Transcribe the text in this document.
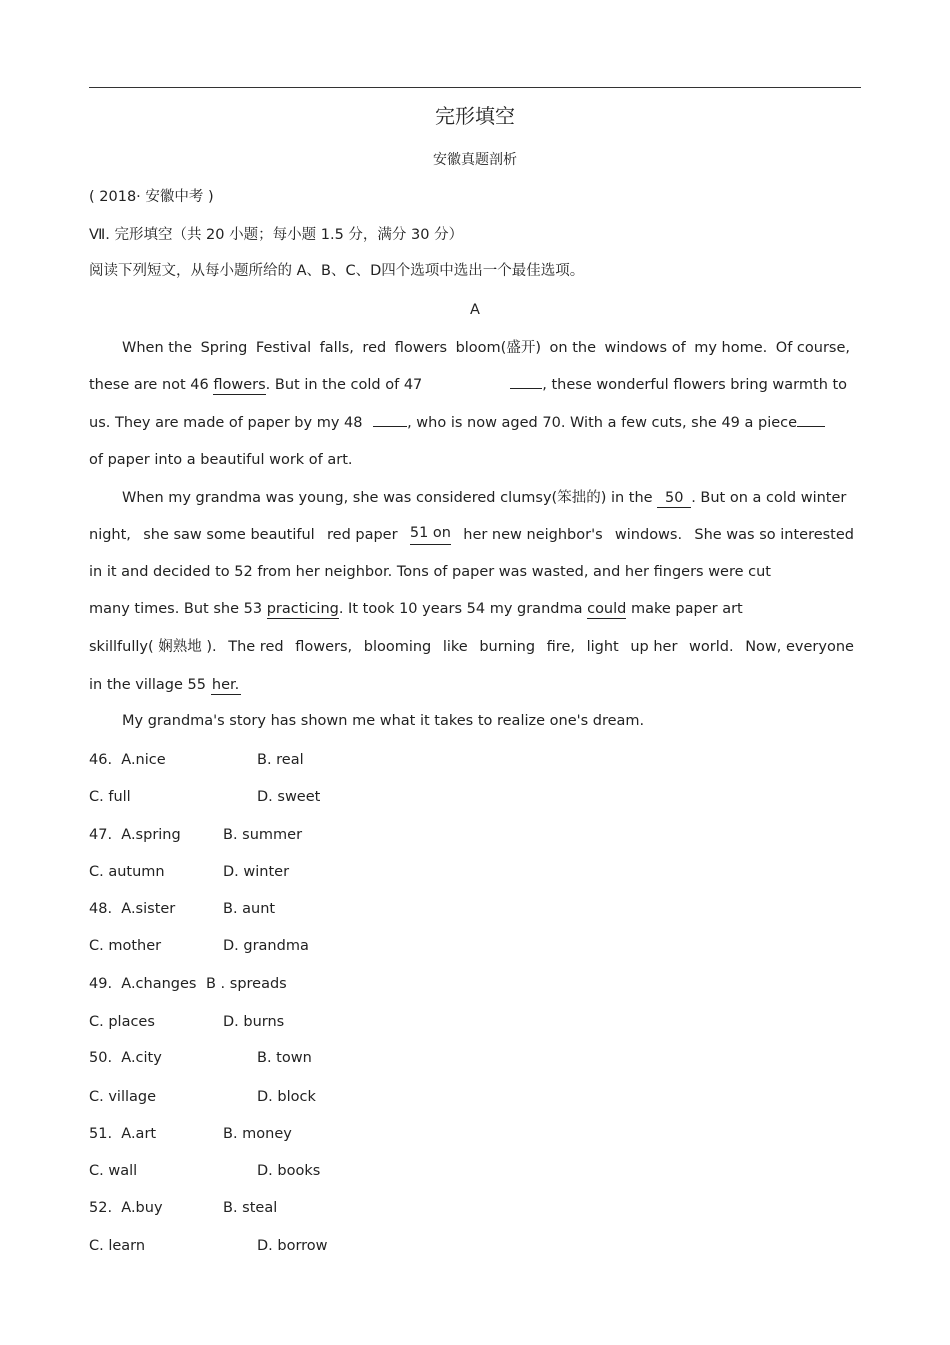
完形填空
安徽真题剖析
( 2018· 安徽中考 )
Ⅶ. 完形填空（共 20 小题；每小题 1.5 分，满分 30 分）
阅读下列短文，从每小题所给的 A、B、C、D四个选项中选出一个最佳选项。
A
When the Spring Festival falls, red flowers bloom(盛开) on the windows of my home. Of course,
these are not 46 flowers. But in the cold of 47	, these wonderful flowers bring warmth to
us. They are made of paper by my 48	, who is now aged 70. With a few cuts, she 49 a piece
of paper into a beautiful work of art.
When my grandma was young, she was considered clumsy(笨拙的) in the 50 . But on a cold winter
night, she saw some beautiful red paper 51 on her new neighbor's windows. She was so interested
in it and decided to 52 from her neighbor. Tons of paper was wasted, and her fingers were cut
many times. But she 53 practicing. It took 10 years 54 my grandma could make paper art
skillfully( 娴熟地 ). The red flowers, blooming like burning fire, light up her world. Now, everyone
in the village 55 her.
My grandma's story has shown me what it takes to realize one's dream.
46. A.nice	B. real
C. full	D. sweet
47. A.spring	B. summer
C. autumn	D. winter
48. A.sister	B. aunt
C. mother	D. grandma
49. A.changes B . spreads
C. places	D. burns
50. A.city	B. town
C. village	D. block
51. A.art	B. money
C. wall	D. books
52. A.buy	B. steal
C. learn	D. borrow
